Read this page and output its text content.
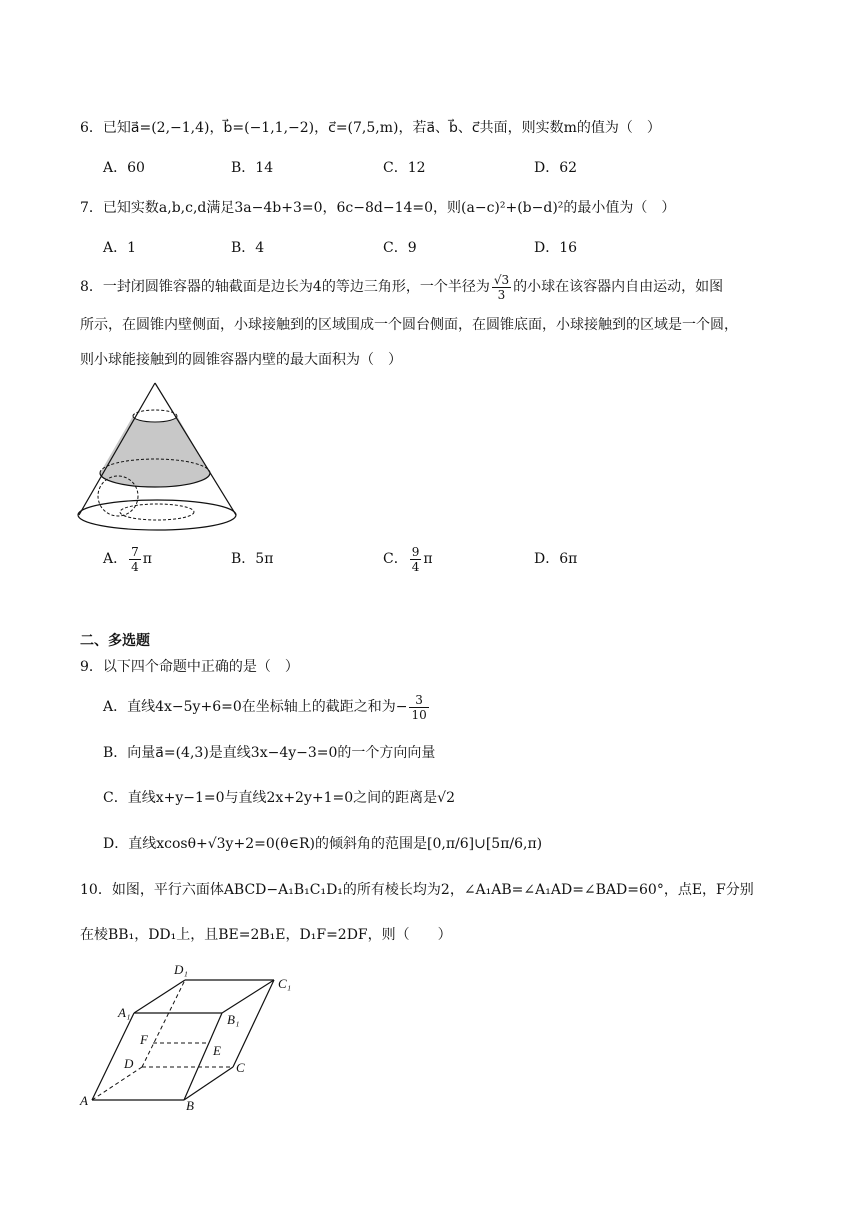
6．已知a⃗=(2,−1,4)，b⃗=(−1,1,−2)，c⃗=(7,5,m)，若a⃗、b⃗、c⃗共面，则实数m的值为（　）
A．60	B．14	C．12	D．62
7．已知实数a,b,c,d满足3a−4b+3=0，6c−8d−14=0，则(a−c)²+(b−d)²的最小值为（　）
A．1	B．4	C．9	D．16
8．一封闭圆锥容器的轴截面是边长为4的等边三角形，一个半径为 $\frac{√3}{3}$ 的小球在该容器内自由运动，如图
所示，在圆锥内壁侧面，小球接触到的区域围成一个圆台侧面，在圆锥底面，小球接触到的区域是一个圆，
则小球能接触到的圆锥容器内壁的最大面积为（　）
A． $\frac{7}{4}$ π	B．5π	C． $\frac{9}{4}$ π	D．6π
二、多选题
9．以下四个命题中正确的是（　）
A．直线4x−5y+6=0在坐标轴上的截距之和为− $\frac{3}{10}$
B．向量a⃗=(4,3)是直线3x−4y−3=0的一个方向向量
C．直线x+y−1=0与直线2x+2y+1=0之间的距离是√2
D．直线xcosθ+√3y+2=0(θ∈R)的倾斜角的范围是[0,π/6]∪[5π/6,π)
10．如图，平行六面体ABCD−A₁B₁C₁D₁的所有棱长均为2，∠A₁AB=∠A₁AD=∠BAD=60°，点E，F分别
在棱BB₁，DD₁上，且BE=2B₁E，D₁F=2DF，则（　　）
A	B
C
D
A₁	B₁
C₁
D₁
E
F
